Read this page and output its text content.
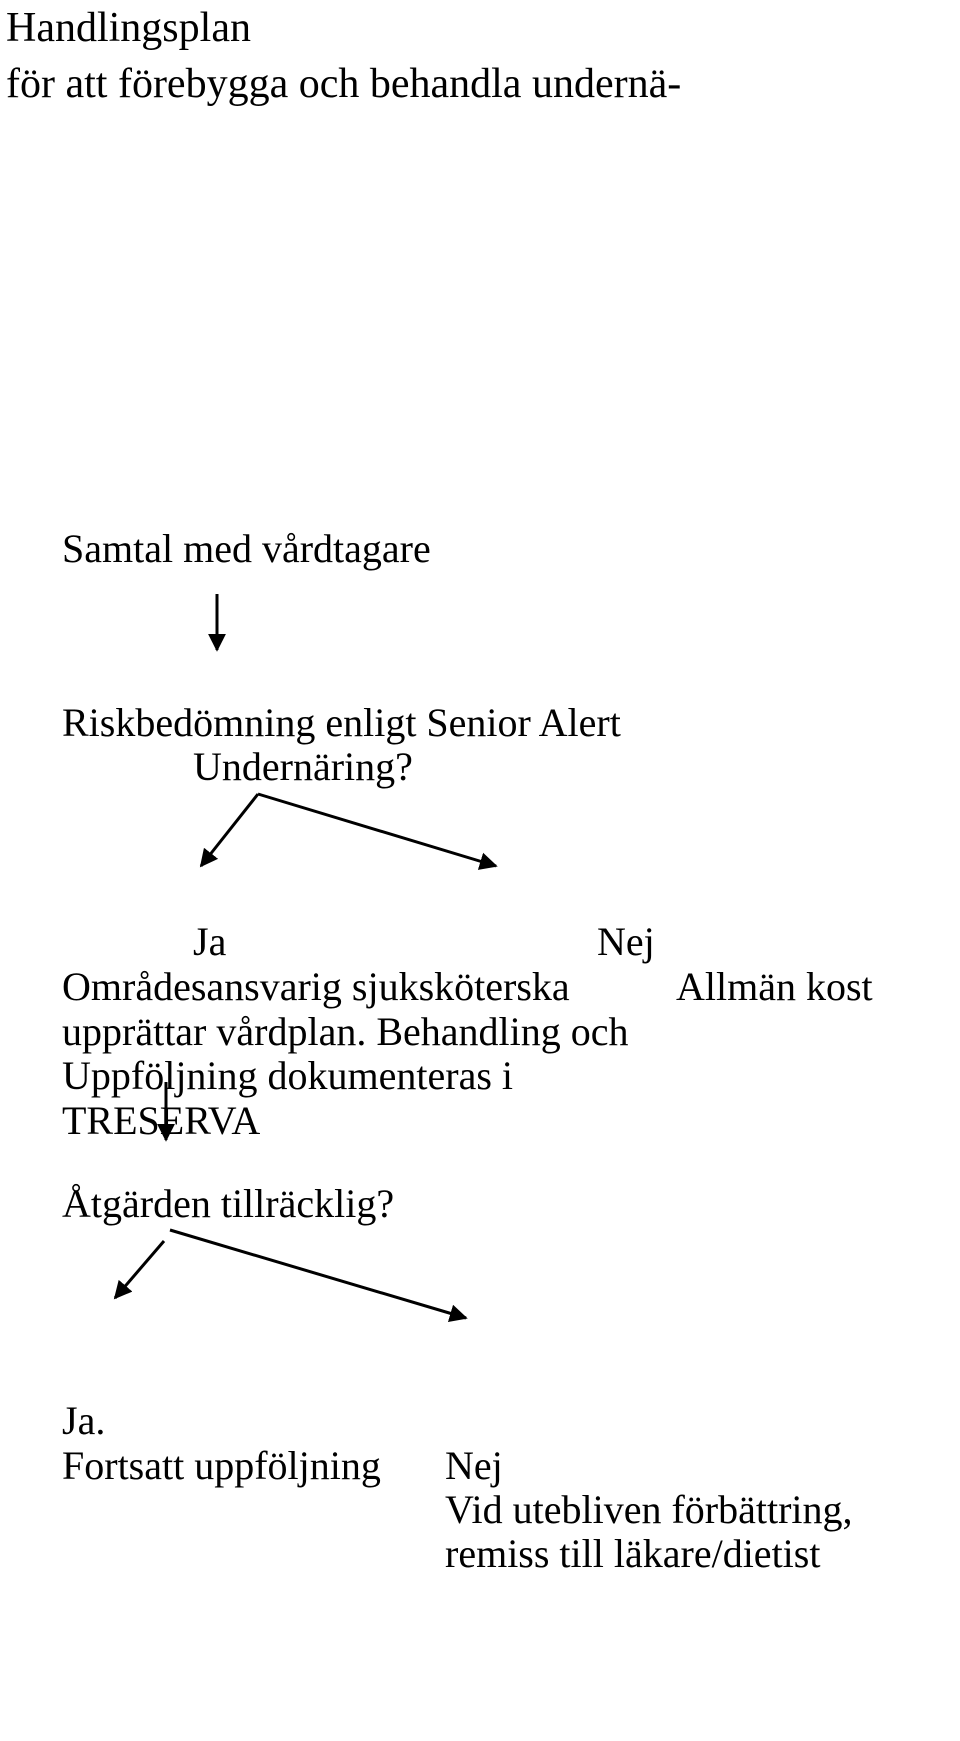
Handlingsplan
för att förebygga och behandla undernä-
Samtal med vårdtagare
Riskbedömning enligt Senior Alert
Undernäring?
Ja	Nej
Områdesansvarig sjuksköterska	Allmän kost
upprättar vårdplan. Behandling och
Uppföljning dokumenteras i
TRESERVA
Åtgärden tillräcklig?
Ja.
Fortsatt uppföljning Nej
Vid utebliven förbättring,
remiss till läkare/dietist
